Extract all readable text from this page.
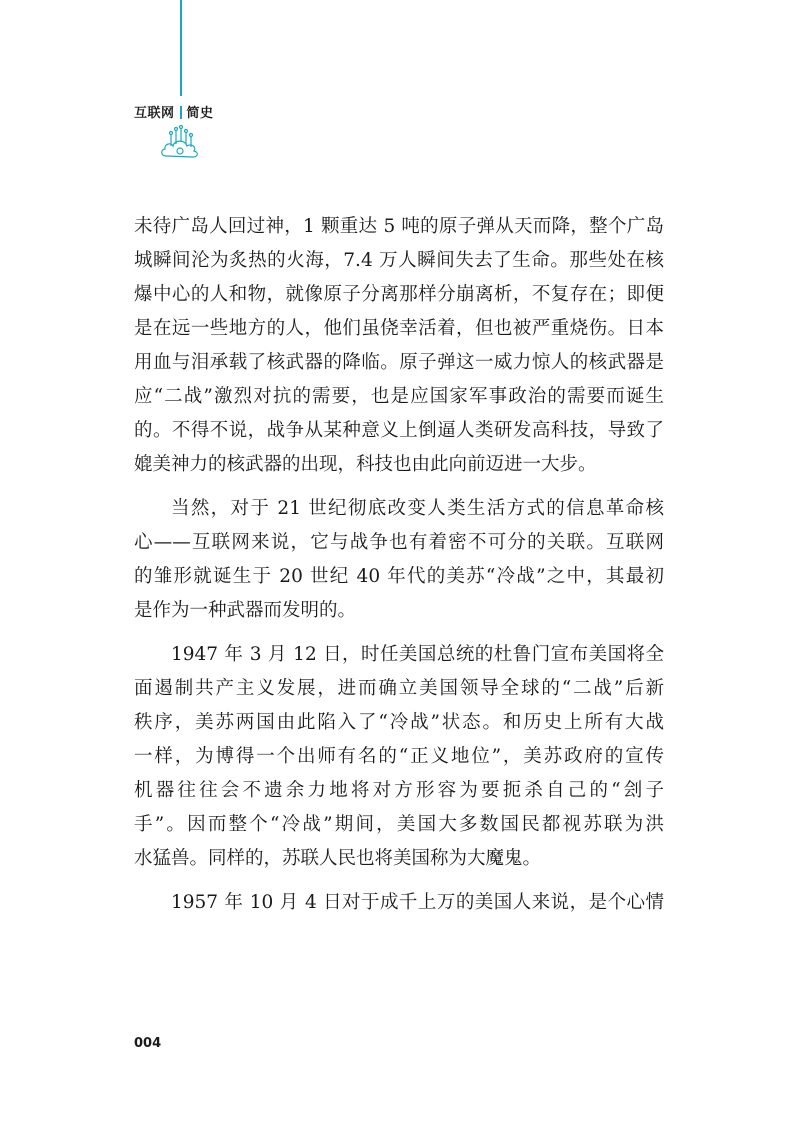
互联网 简史
未待广岛人回过神，1 颗重达 5 吨的原子弹从天而降，整个广岛
城瞬间沦为炙热的火海，7.4 万人瞬间失去了生命。那些处在核
爆中心的人和物，就像原子分离那样分崩离析，不复存在；即便
是在远一些地方的人，他们虽侥幸活着，但也被严重烧伤。日本
用血与泪承载了核武器的降临。原子弹这一威力惊人的核武器是
应“二战”激烈对抗的需要，也是应国家军事政治的需要而诞生
的。不得不说，战争从某种意义上倒逼人类研发高科技，导致了
媲美神力的核武器的出现，科技也由此向前迈进一大步。
当然，对于 21 世纪彻底改变人类生活方式的信息革命核
心——互联网来说，它与战争也有着密不可分的关联。互联网
的雏形就诞生于 20 世纪 40 年代的美苏“冷战”之中，其最初
是作为一种武器而发明的。
1947 年 3 月 12 日，时任美国总统的杜鲁门宣布美国将全
面遏制共产主义发展，进而确立美国领导全球的“二战”后新
秩序，美苏两国由此陷入了“冷战”状态。和历史上所有大战
一样，为博得一个出师有名的“正义地位”，美苏政府的宣传
机器往往会不遗余力地将对方形容为要扼杀自己的“刽子
手”。因而整个“冷战”期间，美国大多数国民都视苏联为洪
水猛兽。同样的，苏联人民也将美国称为大魔鬼。
1957 年 10 月 4 日对于成千上万的美国人来说，是个心情
004
